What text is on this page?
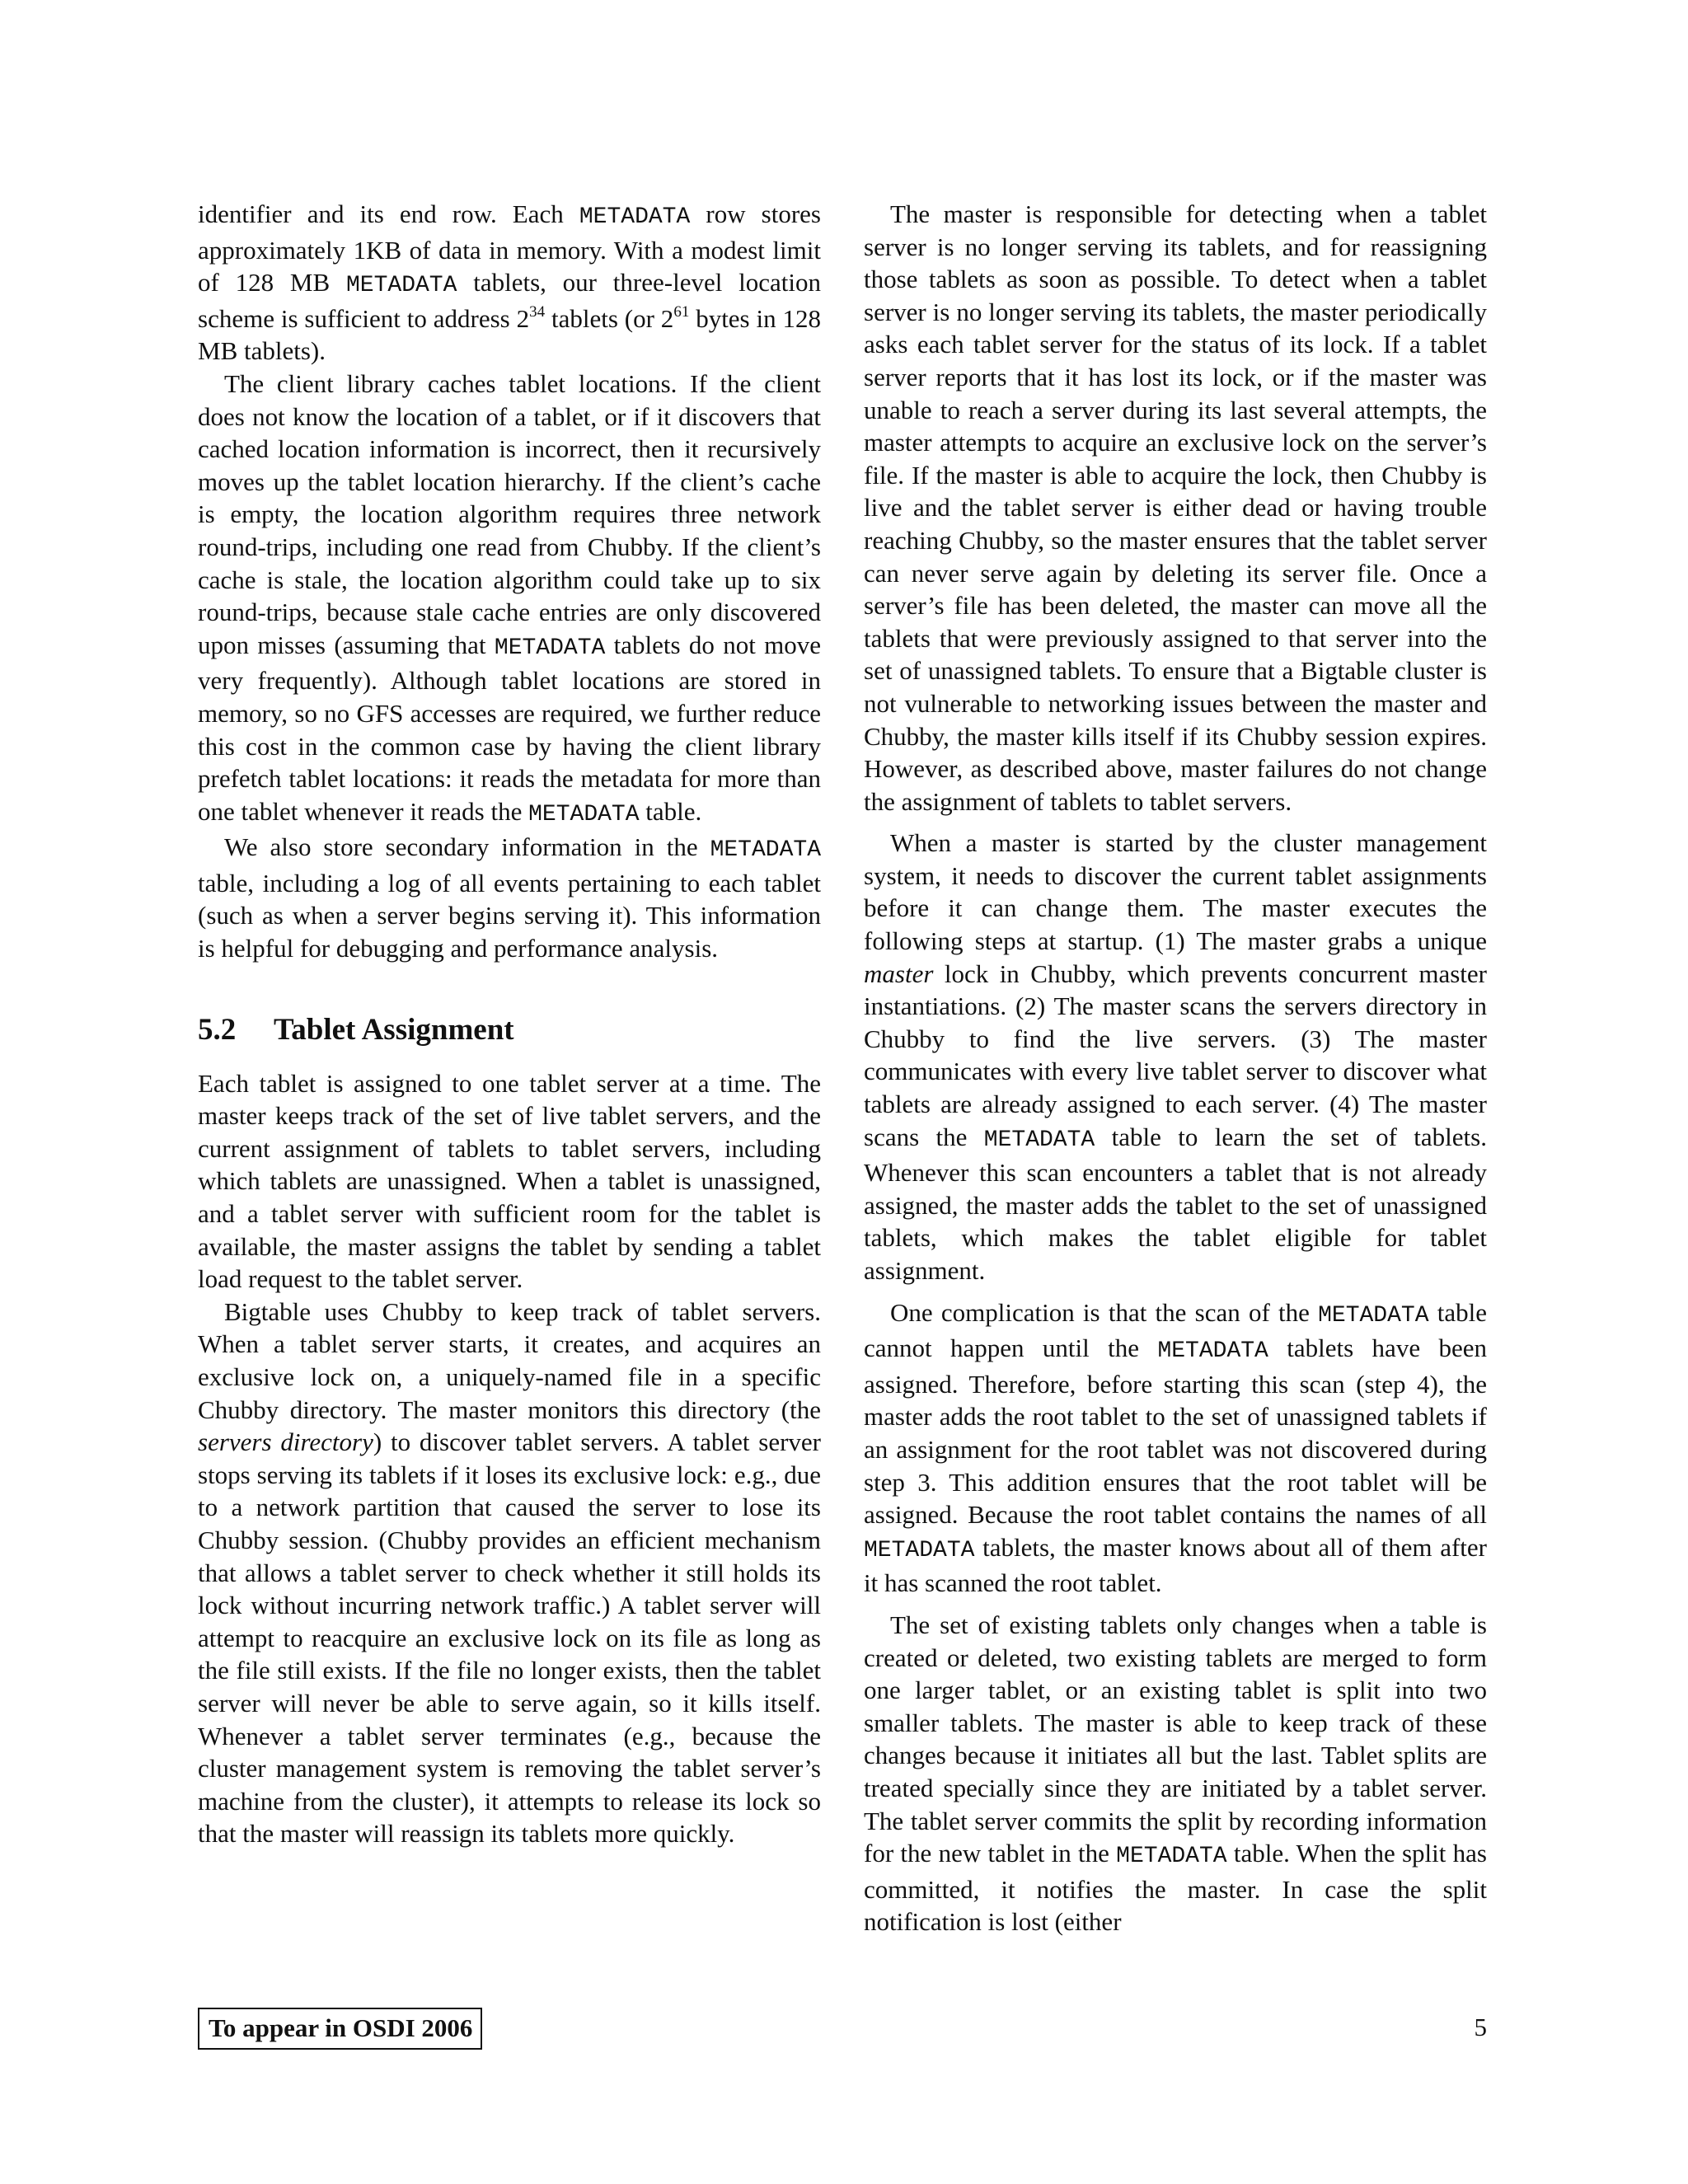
identifier and its end row. Each METADATA row stores approximately 1KB of data in memory. With a modest limit of 128 MB METADATA tablets, our three-level location scheme is sufficient to address $2^{34}$ tablets (or $2^{61}$ bytes in 128 MB tablets).

The client library caches tablet locations. If the client does not know the location of a tablet, or if it discovers that cached location information is incorrect, then it recursively moves up the tablet location hierarchy. If the client’s cache is empty, the location algorithm requires three network round-trips, including one read from Chubby. If the client’s cache is stale, the location algorithm could take up to six round-trips, because stale cache entries are only discovered upon misses (assuming that METADATA tablets do not move very frequently). Although tablet locations are stored in memory, so no GFS accesses are required, we further reduce this cost in the common case by having the client library prefetch tablet locations: it reads the metadata for more than one tablet whenever it reads the METADATA table.

We also store secondary information in the METADATA table, including a log of all events pertaining to each tablet (such as when a server begins serving it). This information is helpful for debugging and performance analysis.

5.2 Tablet Assignment

Each tablet is assigned to one tablet server at a time. The master keeps track of the set of live tablet servers, and the current assignment of tablets to tablet servers, including which tablets are unassigned. When a tablet is unassigned, and a tablet server with sufficient room for the tablet is available, the master assigns the tablet by sending a tablet load request to the tablet server.

Bigtable uses Chubby to keep track of tablet servers. When a tablet server starts, it creates, and acquires an exclusive lock on, a uniquely-named file in a specific Chubby directory. The master monitors this directory (the servers directory) to discover tablet servers. A tablet server stops serving its tablets if it loses its exclusive lock: e.g., due to a network partition that caused the server to lose its Chubby session. (Chubby provides an efficient mechanism that allows a tablet server to check whether it still holds its lock without incurring network traffic.) A tablet server will attempt to reacquire an exclusive lock on its file as long as the file still exists. If the file no longer exists, then the tablet server will never be able to serve again, so it kills itself. Whenever a tablet server terminates (e.g., because the cluster management system is removing the tablet server’s machine from the cluster), it attempts to release its lock so that the master will reassign its tablets more quickly.

The master is responsible for detecting when a tablet server is no longer serving its tablets, and for reassigning those tablets as soon as possible. To detect when a tablet server is no longer serving its tablets, the master periodically asks each tablet server for the status of its lock. If a tablet server reports that it has lost its lock, or if the master was unable to reach a server during its last several attempts, the master attempts to acquire an exclusive lock on the server’s file. If the master is able to acquire the lock, then Chubby is live and the tablet server is either dead or having trouble reaching Chubby, so the master ensures that the tablet server can never serve again by deleting its server file. Once a server’s file has been deleted, the master can move all the tablets that were previously assigned to that server into the set of unassigned tablets. To ensure that a Bigtable cluster is not vulnerable to networking issues between the master and Chubby, the master kills itself if its Chubby session expires. However, as described above, master failures do not change the assignment of tablets to tablet servers.

When a master is started by the cluster management system, it needs to discover the current tablet assignments before it can change them. The master executes the following steps at startup. (1) The master grabs a unique master lock in Chubby, which prevents concurrent master instantiations. (2) The master scans the servers directory in Chubby to find the live servers. (3) The master communicates with every live tablet server to discover what tablets are already assigned to each server. (4) The master scans the METADATA table to learn the set of tablets. Whenever this scan encounters a tablet that is not already assigned, the master adds the tablet to the set of unassigned tablets, which makes the tablet eligible for tablet assignment.

One complication is that the scan of the METADATA table cannot happen until the METADATA tablets have been assigned. Therefore, before starting this scan (step 4), the master adds the root tablet to the set of unassigned tablets if an assignment for the root tablet was not discovered during step 3. This addition ensures that the root tablet will be assigned. Because the root tablet contains the names of all METADATA tablets, the master knows about all of them after it has scanned the root tablet.

The set of existing tablets only changes when a table is created or deleted, two existing tablets are merged to form one larger tablet, or an existing tablet is split into two smaller tablets. The master is able to keep track of these changes because it initiates all but the last. Tablet splits are treated specially since they are initiated by a tablet server. The tablet server commits the split by recording information for the new tablet in the METADATA table. When the split has committed, it notifies the master. In case the split notification is lost (either

To appear in OSDI 2006	5
